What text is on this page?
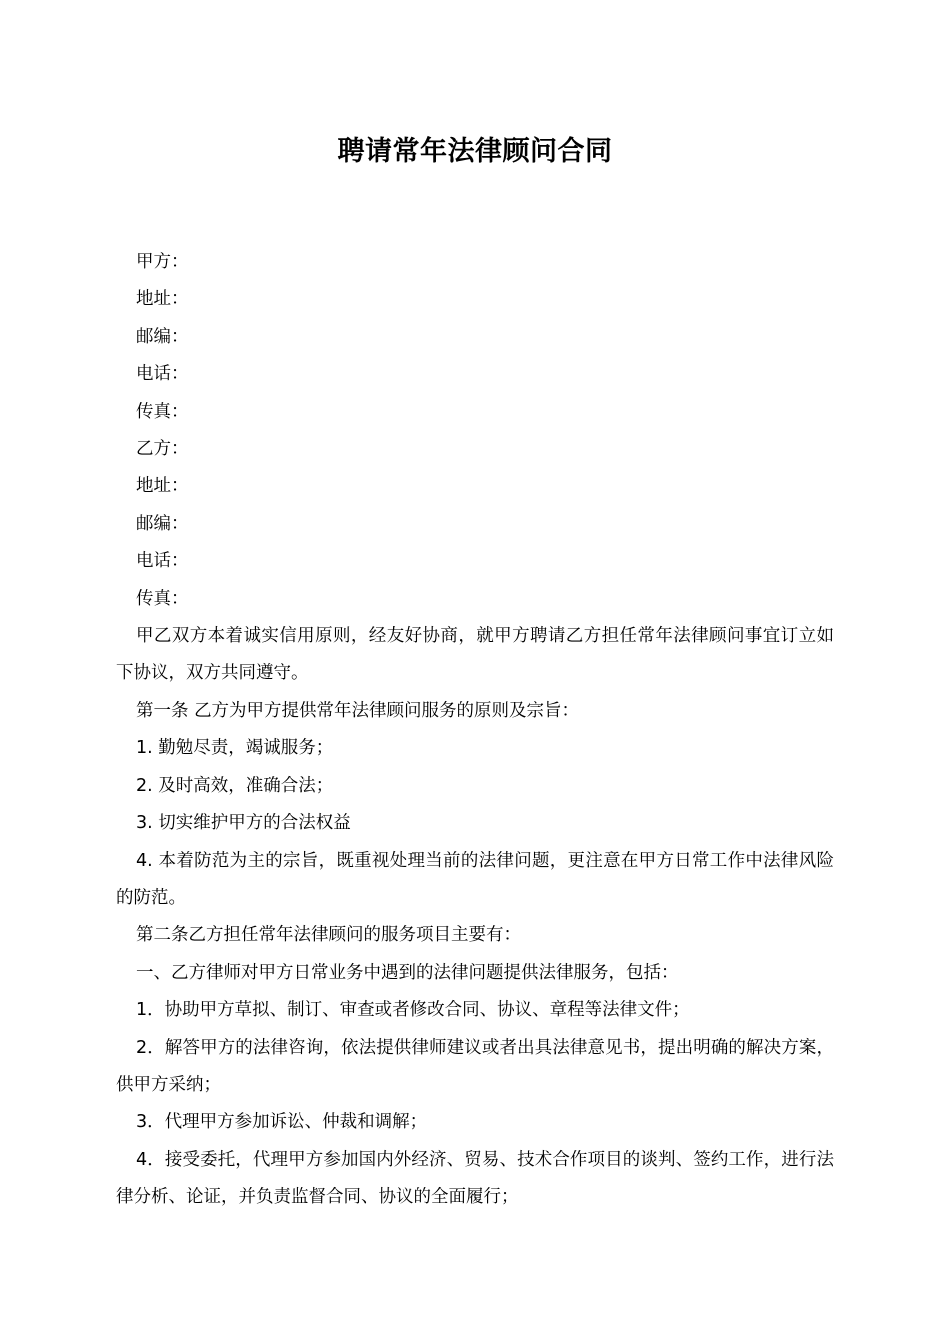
聘请常年法律顾问合同

甲方：

地址：

邮编：

电话：

传真：

乙方：

地址：

邮编：

电话：

传真：

甲乙双方本着诚实信用原则，经友好协商，就甲方聘请乙方担任常年法律顾问事宜订立如下协议，双方共同遵守。

第一条 乙方为甲方提供常年法律顾问服务的原则及宗旨：

1. 勤勉尽责，竭诚服务；

2. 及时高效，准确合法；

3. 切实维护甲方的合法权益

4. 本着防范为主的宗旨，既重视处理当前的法律问题，更注意在甲方日常工作中法律风险的防范。

第二条乙方担任常年法律顾问的服务项目主要有：

一、乙方律师对甲方日常业务中遇到的法律问题提供法律服务，包括：

1．协助甲方草拟、制订、审查或者修改合同、协议、章程等法律文件；

2．解答甲方的法律咨询，依法提供律师建议或者出具法律意见书，提出明确的解决方案，供甲方采纳；

3．代理甲方参加诉讼、仲裁和调解；

4．接受委托，代理甲方参加国内外经济、贸易、技术合作项目的谈判、签约工作，进行法律分析、论证，并负责监督合同、协议的全面履行；
